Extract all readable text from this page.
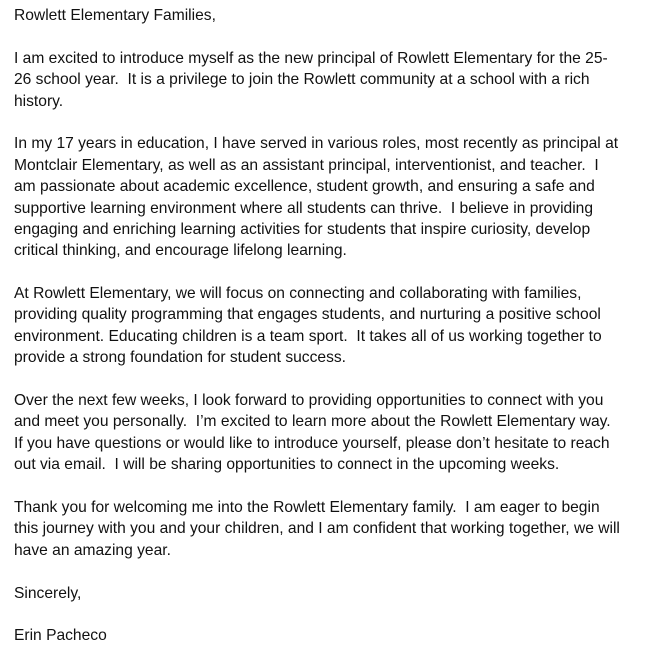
Rowlett Elementary Families,
I am excited to introduce myself as the new principal of Rowlett Elementary for the 25-
26 school year.  It is a privilege to join the Rowlett community at a school with a rich
history.
In my 17 years in education, I have served in various roles, most recently as principal at
Montclair Elementary, as well as an assistant principal, interventionist, and teacher.  I
am passionate about academic excellence, student growth, and ensuring a safe and
supportive learning environment where all students can thrive.  I believe in providing
engaging and enriching learning activities for students that inspire curiosity, develop
critical thinking, and encourage lifelong learning.
At Rowlett Elementary, we will focus on connecting and collaborating with families,
providing quality programming that engages students, and nurturing a positive school
environment. Educating children is a team sport.  It takes all of us working together to
provide a strong foundation for student success.
Over the next few weeks, I look forward to providing opportunities to connect with you
and meet you personally.  I’m excited to learn more about the Rowlett Elementary way.
If you have questions or would like to introduce yourself, please don’t hesitate to reach
out via email.  I will be sharing opportunities to connect in the upcoming weeks.
Thank you for welcoming me into the Rowlett Elementary family.  I am eager to begin
this journey with you and your children, and I am confident that working together, we will
have an amazing year.
Sincerely,
Erin Pacheco
